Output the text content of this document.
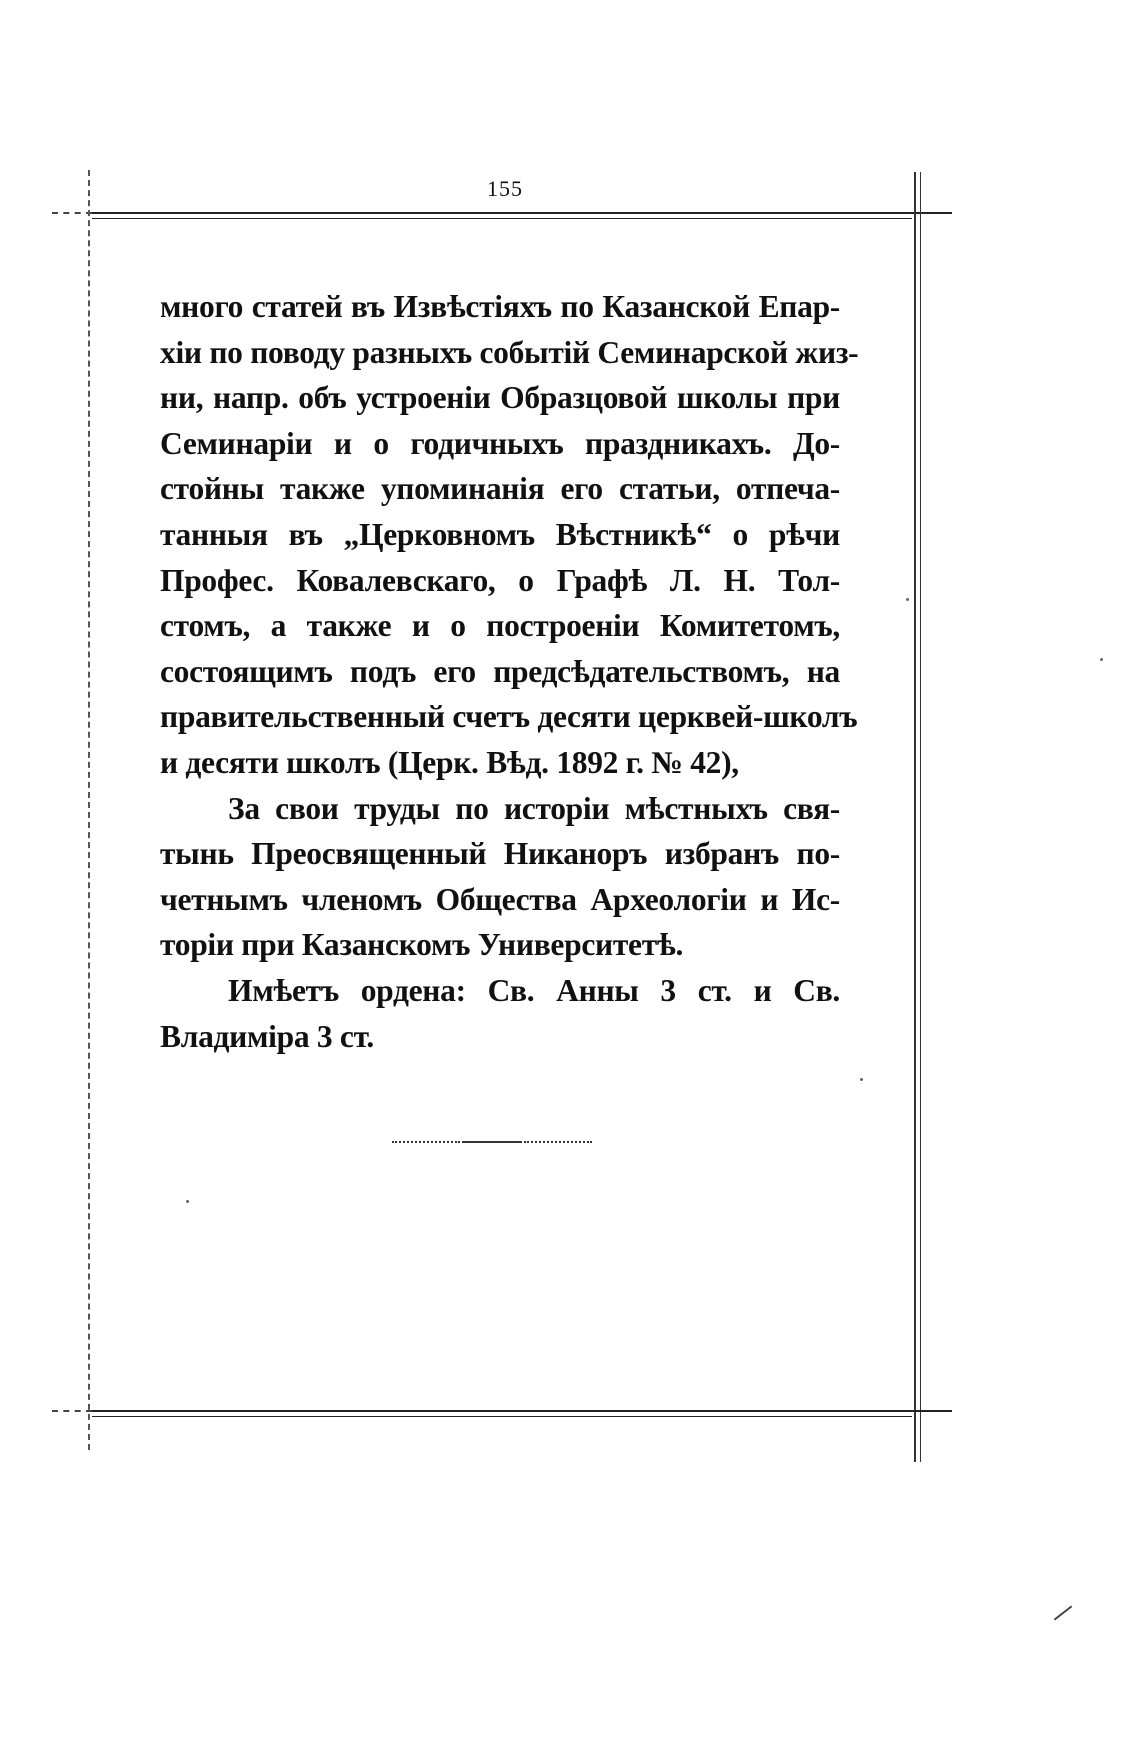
155

много статей въ Извѣстіяхъ по Казанской Епар-
хіи по поводу разныхъ событій Семинарской жиз-
ни, напр. объ устроеніи Образцовой школы при
Семинаріи и о годичныхъ праздникахъ. До-
стойны также упоминанія его статьи, отпеча-
танныя въ „Церковномъ Вѣстникѣ“ о рѣчи
Профес. Ковалевскаго, о Графѣ Л. Н. Тол-
стомъ, а также и о построеніи Комитетомъ,
состоящимъ подъ его предсѣдательствомъ, на
правительственный счетъ десяти церквей-школъ
и десяти школъ (Церк. Вѣд. 1892 г. № 42),

За свои труды по исторіи мѣстныхъ свя-
тынь Преосвященный Никаноръ избранъ по-
четнымъ членомъ Общества Археологіи и Ис-
торіи при Казанскомъ Университетѣ.

Имѣетъ ордена: Св. Анны 3 ст. и Св.
Владиміра 3 ст.
